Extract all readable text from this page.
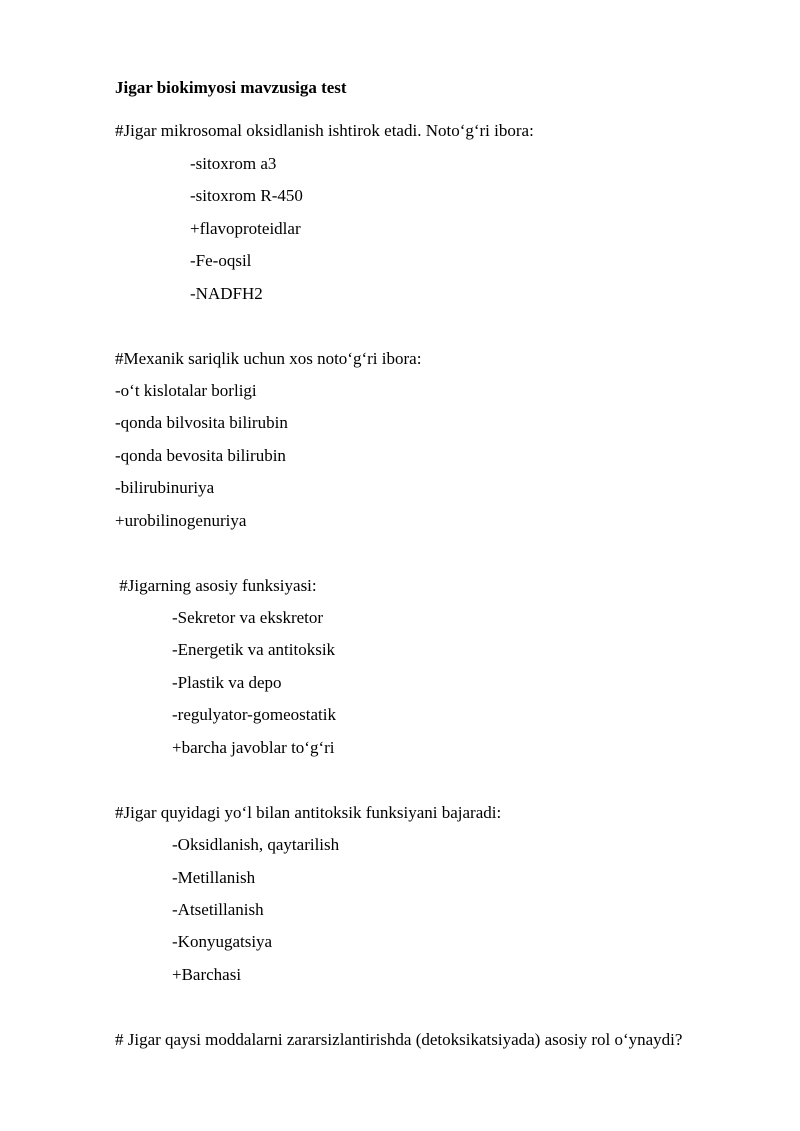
Jigar biokimyosi mavzusiga test
#Jigar mikrosomal oksidlanish ishtirok etadi. Noto‘g‘ri ibora:
-sitoxrom a3
-sitoxrom R-450
+flavoproteidlar
-Fe-oqsil
-NADFH2
#Mexanik sariqlik uchun xos noto‘g‘ri ibora:
-o‘t kislotalar borligi
-qonda bilvosita bilirubin
-qonda bevosita bilirubin
-bilirubinuriya
+urobilinogenuriya
#Jigarning asosiy funksiyasi:
-Sekretor va ekskretor
-Energetik va antitoksik
-Plastik va depo
-regulyator-gomeostatik
+barcha javoblar to‘g‘ri
#Jigar quyidagi yo‘l bilan antitoksik funksiyani bajaradi:
-Oksidlanish, qaytarilish
-Metillanish
-Atsetillanish
-Konyugatsiya
+Barchasi
# Jigar qaysi moddalarni zararsizlantirishda (detoksikatsiyada) asosiy rol o‘ynaydi?
